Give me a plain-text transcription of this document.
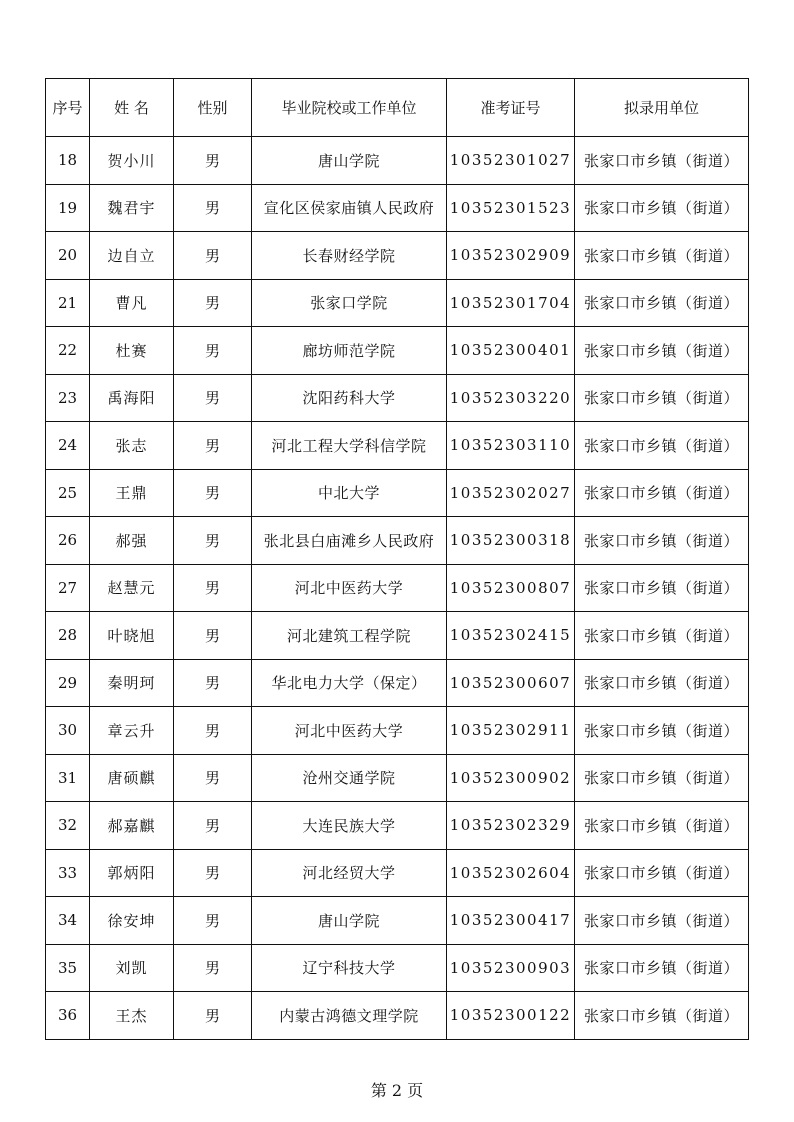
序号	姓 名	性别	毕业院校或工作单位	准考证号	拟录用单位
18	贺小川	男	唐山学院	10352301027	张家口市乡镇（街道）
19	魏君宇	男	宣化区侯家庙镇人民政府	10352301523	张家口市乡镇（街道）
20	边自立	男	长春财经学院	10352302909	张家口市乡镇（街道）
21	曹凡	男	张家口学院	10352301704	张家口市乡镇（街道）
22	杜赛	男	廊坊师范学院	10352300401	张家口市乡镇（街道）
23	禹海阳	男	沈阳药科大学	10352303220	张家口市乡镇（街道）
24	张志	男	河北工程大学科信学院	10352303110	张家口市乡镇（街道）
25	王鼎	男	中北大学	10352302027	张家口市乡镇（街道）
26	郝强	男	张北县白庙滩乡人民政府	10352300318	张家口市乡镇（街道）
27	赵慧元	男	河北中医药大学	10352300807	张家口市乡镇（街道）
28	叶晓旭	男	河北建筑工程学院	10352302415	张家口市乡镇（街道）
29	秦明珂	男	华北电力大学（保定）	10352300607	张家口市乡镇（街道）
30	章云升	男	河北中医药大学	10352302911	张家口市乡镇（街道）
31	唐硕麒	男	沧州交通学院	10352300902	张家口市乡镇（街道）
32	郝嘉麒	男	大连民族大学	10352302329	张家口市乡镇（街道）
33	郭炳阳	男	河北经贸大学	10352302604	张家口市乡镇（街道）
34	徐安坤	男	唐山学院	10352300417	张家口市乡镇（街道）
35	刘凯	男	辽宁科技大学	10352300903	张家口市乡镇（街道）
36	王杰	男	内蒙古鸿德文理学院	10352300122	张家口市乡镇（街道）
第 2 页
